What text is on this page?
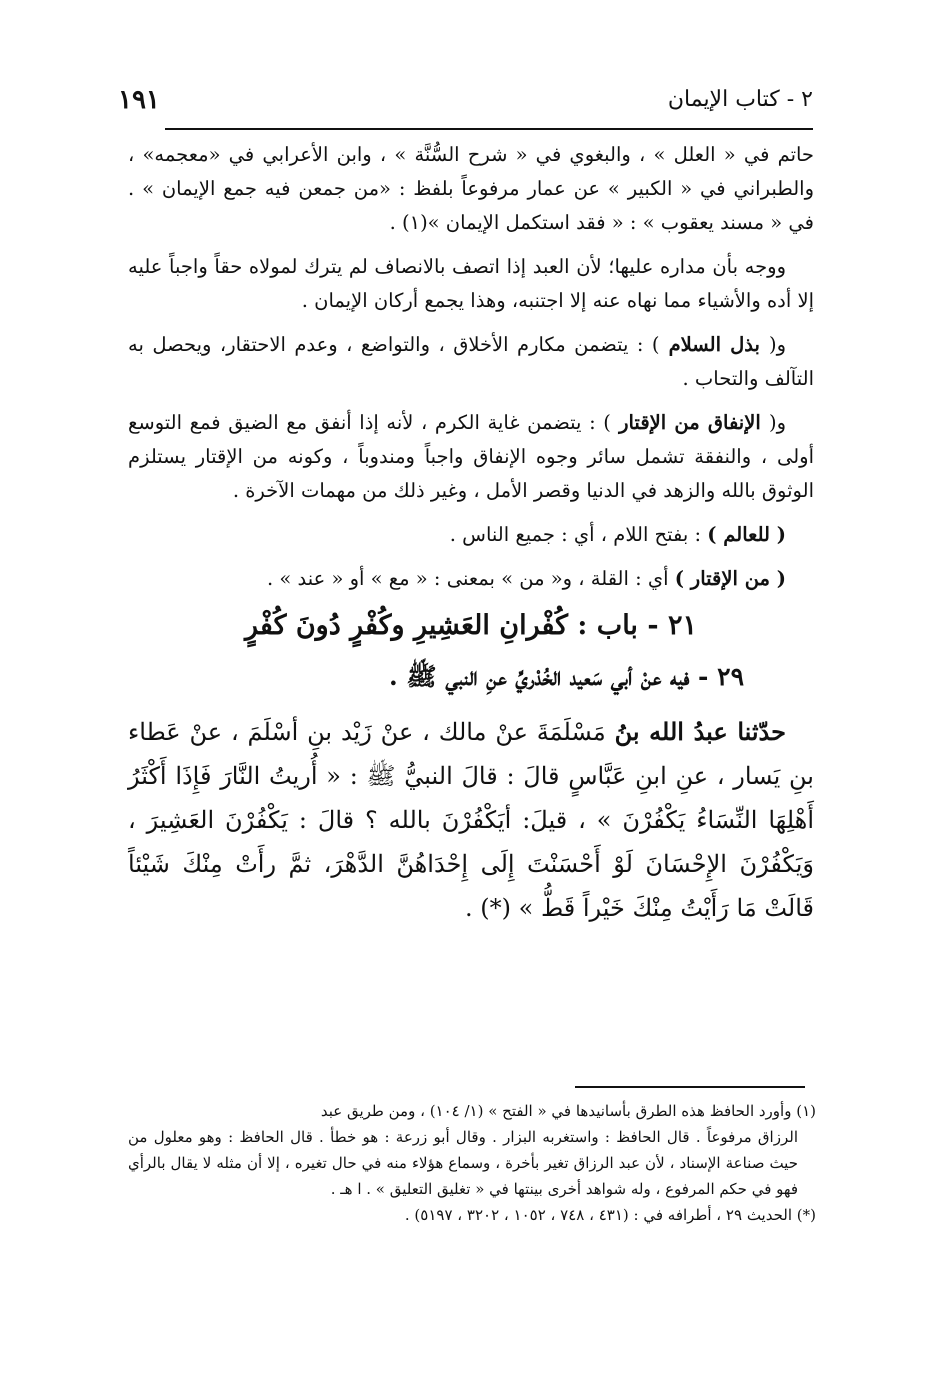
١٩١	٢ - كتاب الإيمان

حاتم في « العلل » ، والبغوي في « شرح السُّنَّة » ، وابن الأعرابي في «معجمه» ، والطبراني في « الكبير » عن عمار مرفوعاً بلفظ : «من جمعن فيه جمع الإيمان » . في « مسند يعقوب » : « فقد استكمل الإيمان »(١) .

ووجه بأن مداره عليها؛ لأن العبد إذا اتصف بالانصاف لم يترك لمولاه حقاً واجباً عليه إلا أده والأشياء مما نهاه عنه إلا اجتنبه، وهذا يجمع أركان الإيمان .

و( بذل السلام ) : يتضمن مكارم الأخلاق ، والتواضع ، وعدم الاحتقار، ويحصل به التآلف والتحاب .

و( الإنفاق من الإقتار ) : يتضمن غاية الكرم ، لأنه إذا أنفق مع الضيق فمع التوسع أولى ، والنفقة تشمل سائر وجوه الإنفاق واجباً ومندوباً ، وكونه من الإقتار يستلزم الوثوق بالله والزهد في الدنيا وقصر الأمل ، وغير ذلك من مهمات الآخرة .

( للعالم ) : بفتح اللام ، أي : جميع الناس .

( من الإقتار ) أي : القلة ، و« من » بمعنى : « مع » أو « عند » .

٢١ - باب : كُفْرانِ العَشِيرِ وكُفْرٍ دُونَ كُفْرٍ
٢٩ - فيه عنْ أبي سَعيد الخُدْريِّ عنِ النبي ﷺ .

حدّثنا عبدُ الله بنُ مَسْلَمَةَ عنْ مالك ، عنْ زَيْد بنِ أسْلَمَ ، عنْ عَطاء بنِ يَسار ، عنِ ابنِ عَبَّاسٍ قالَ : قالَ النبيُّ ﷺ : « أُريتُ النَّارَ فَإِذَا أَكْثَرُ أَهْلِهَا النِّسَاءُ يَكْفُرْنَ » ، قيلَ: أيَكْفُرْنَ بالله ؟ قالَ : يَكْفُرْنَ العَشِيرَ ، وَيَكْفُرْنَ الإِحْسَانَ لَوْ أَحْسَنْتَ إِلَى إِحْدَاهُنَّ الدَّهْرَ، ثمَّ رأَتْ مِنْكَ شَيْئاً قَالَتْ مَا رَأَيْتُ مِنْكَ خَيْراً قَطُّ » (*) .

(١) وأورد الحافظ هذه الطرق بأسانيدها في « الفتح » (١/ ١٠٤) ، ومن طريق عبد

الرزاق مرفوعاً . قال الحافظ : واستغربه البزار . وقال أبو زرعة : هو خطأ . قال الحافظ : وهو معلول من حيث صناعة الإسناد ، لأن عبد الرزاق تغير بأخرة ، وسماع هؤلاء منه في حال تغيره ، إلا أن مثله لا يقال بالرأي فهو في حكم المرفوع ، وله شواهد أخرى بينتها في « تغليق التعليق » . ا هـ .

(*) الحديث ٢٩ ، أطرافه في : (٤٣١ ، ٧٤٨ ، ١٠٥٢ ، ٣٢٠٢ ، ٥١٩٧) .
